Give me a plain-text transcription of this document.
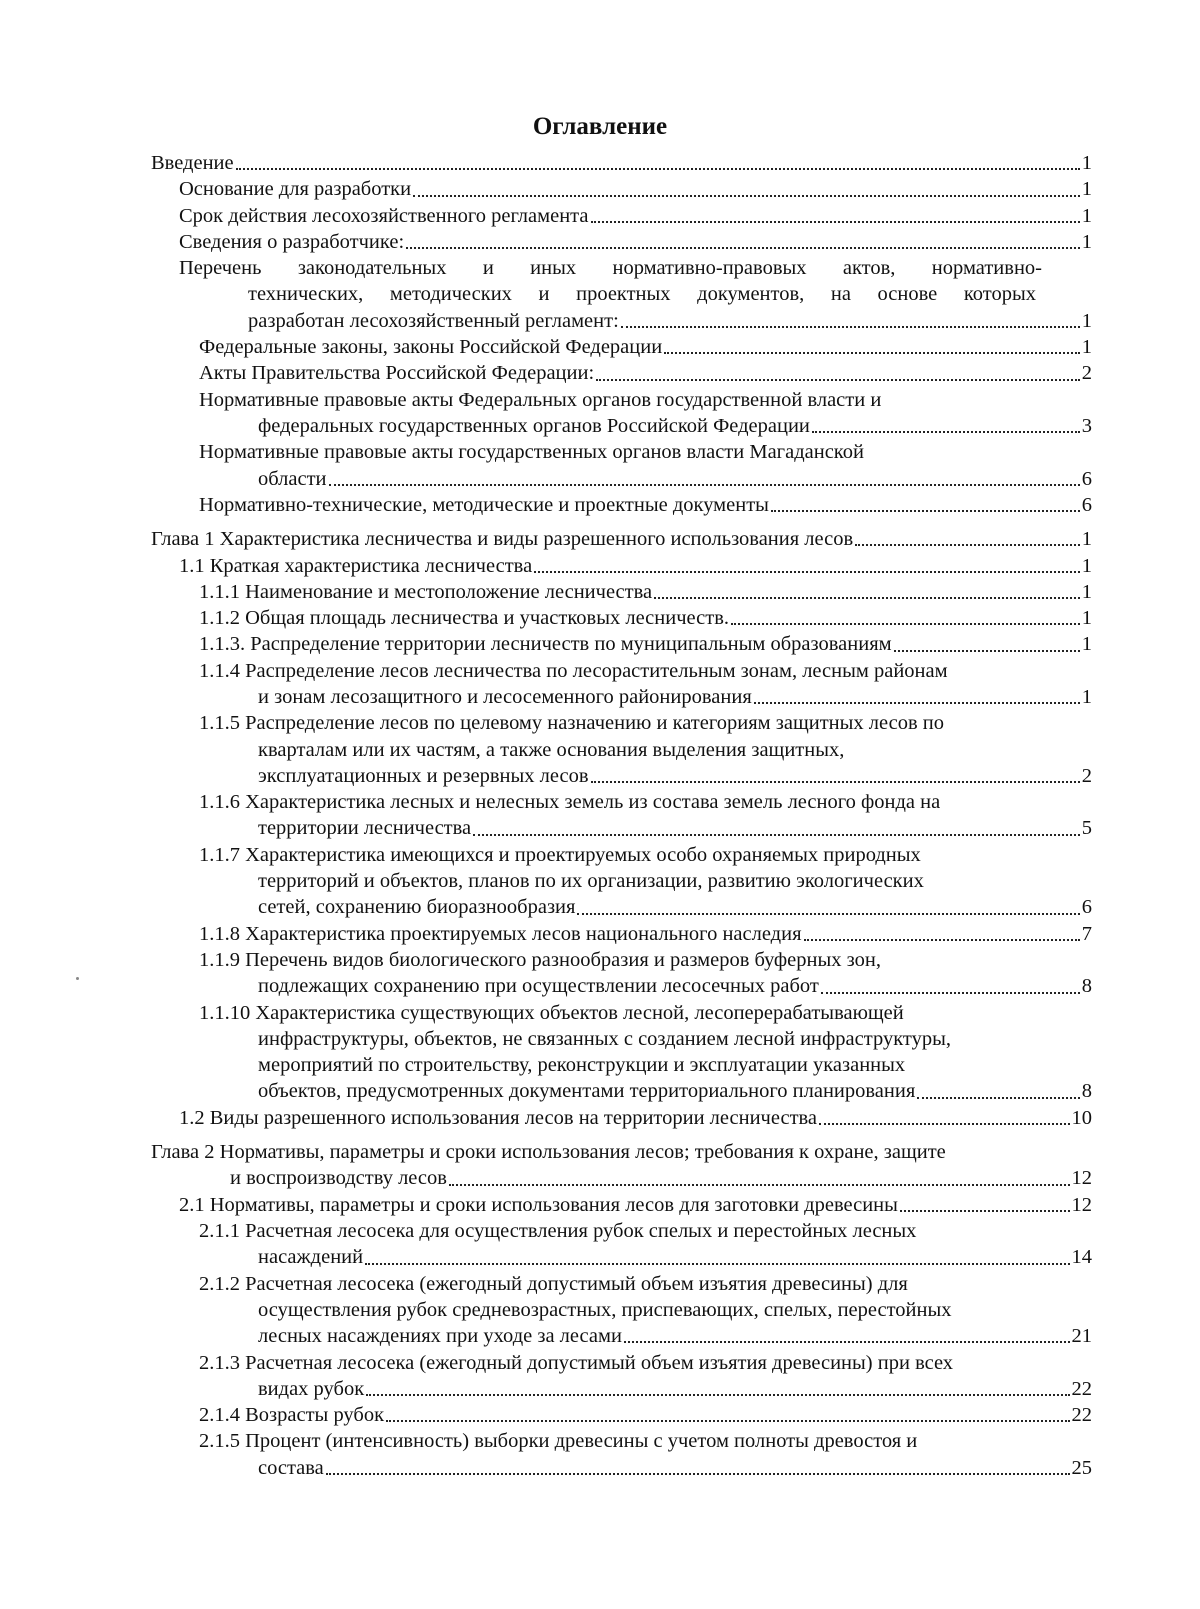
Оглавление
Введение	1
Основание для разработки	1
Срок действия лесохозяйственного регламента	1
Сведения о разработчике:	1
Перечень законодательных и иных нормативно-правовых актов, нормативно-
технических, методических и проектных документов, на основе которых
разработан лесохозяйственный регламент:	1
Федеральные законы, законы Российской Федерации	1
Акты Правительства Российской Федерации:	2
Нормативные правовые акты Федеральных органов государственной власти и
федеральных государственных органов Российской Федерации	3
Нормативные правовые акты государственных органов власти Магаданской
области	6
Нормативно-технические, методические и проектные документы	6
Глава 1 Характеристика лесничества и виды разрешенного использования лесов	1
1.1 Краткая характеристика лесничества	1
1.1.1 Наименование и местоположение лесничества	1
1.1.2 Общая площадь лесничества и участковых лесничеств.	1
1.1.3. Распределение территории лесничеств по муниципальным образованиям	1
1.1.4 Распределение лесов лесничества по лесорастительным зонам, лесным районам
и зонам лесозащитного и лесосеменного районирования	1
1.1.5 Распределение лесов по целевому назначению и категориям защитных лесов по
кварталам или их частям, а также основания выделения защитных,
эксплуатационных и резервных лесов	2
1.1.6 Характеристика лесных и нелесных земель из состава земель лесного фонда на
территории лесничества	5
1.1.7 Характеристика имеющихся и проектируемых особо охраняемых природных
территорий и объектов, планов по их организации, развитию экологических
сетей, сохранению биоразнообразия	6
1.1.8 Характеристика проектируемых лесов национального наследия	7
1.1.9 Перечень видов биологического разнообразия и размеров буферных зон,
подлежащих сохранению при осуществлении лесосечных работ	8
1.1.10 Характеристика существующих объектов лесной, лесоперерабатывающей
инфраструктуры, объектов, не связанных с созданием лесной инфраструктуры,
мероприятий по строительству, реконструкции и эксплуатации указанных
объектов, предусмотренных документами территориального планирования	8
1.2 Виды разрешенного использования лесов на территории лесничества	10
Глава 2 Нормативы, параметры и сроки использования лесов; требования к охране, защите
и воспроизводству лесов	12
2.1 Нормативы, параметры и сроки использования лесов для заготовки древесины	12
2.1.1 Расчетная лесосека для осуществления рубок спелых и перестойных лесных
насаждений	14
2.1.2 Расчетная лесосека (ежегодный допустимый объем изъятия древесины) для
осуществления рубок средневозрастных, приспевающих, спелых, перестойных
лесных насаждениях при уходе за лесами	21
2.1.3 Расчетная лесосека (ежегодный допустимый объем изъятия древесины) при всех
видах рубок	22
2.1.4 Возрасты рубок	22
2.1.5 Процент (интенсивность) выборки древесины с учетом полноты древостоя и
состава	25
